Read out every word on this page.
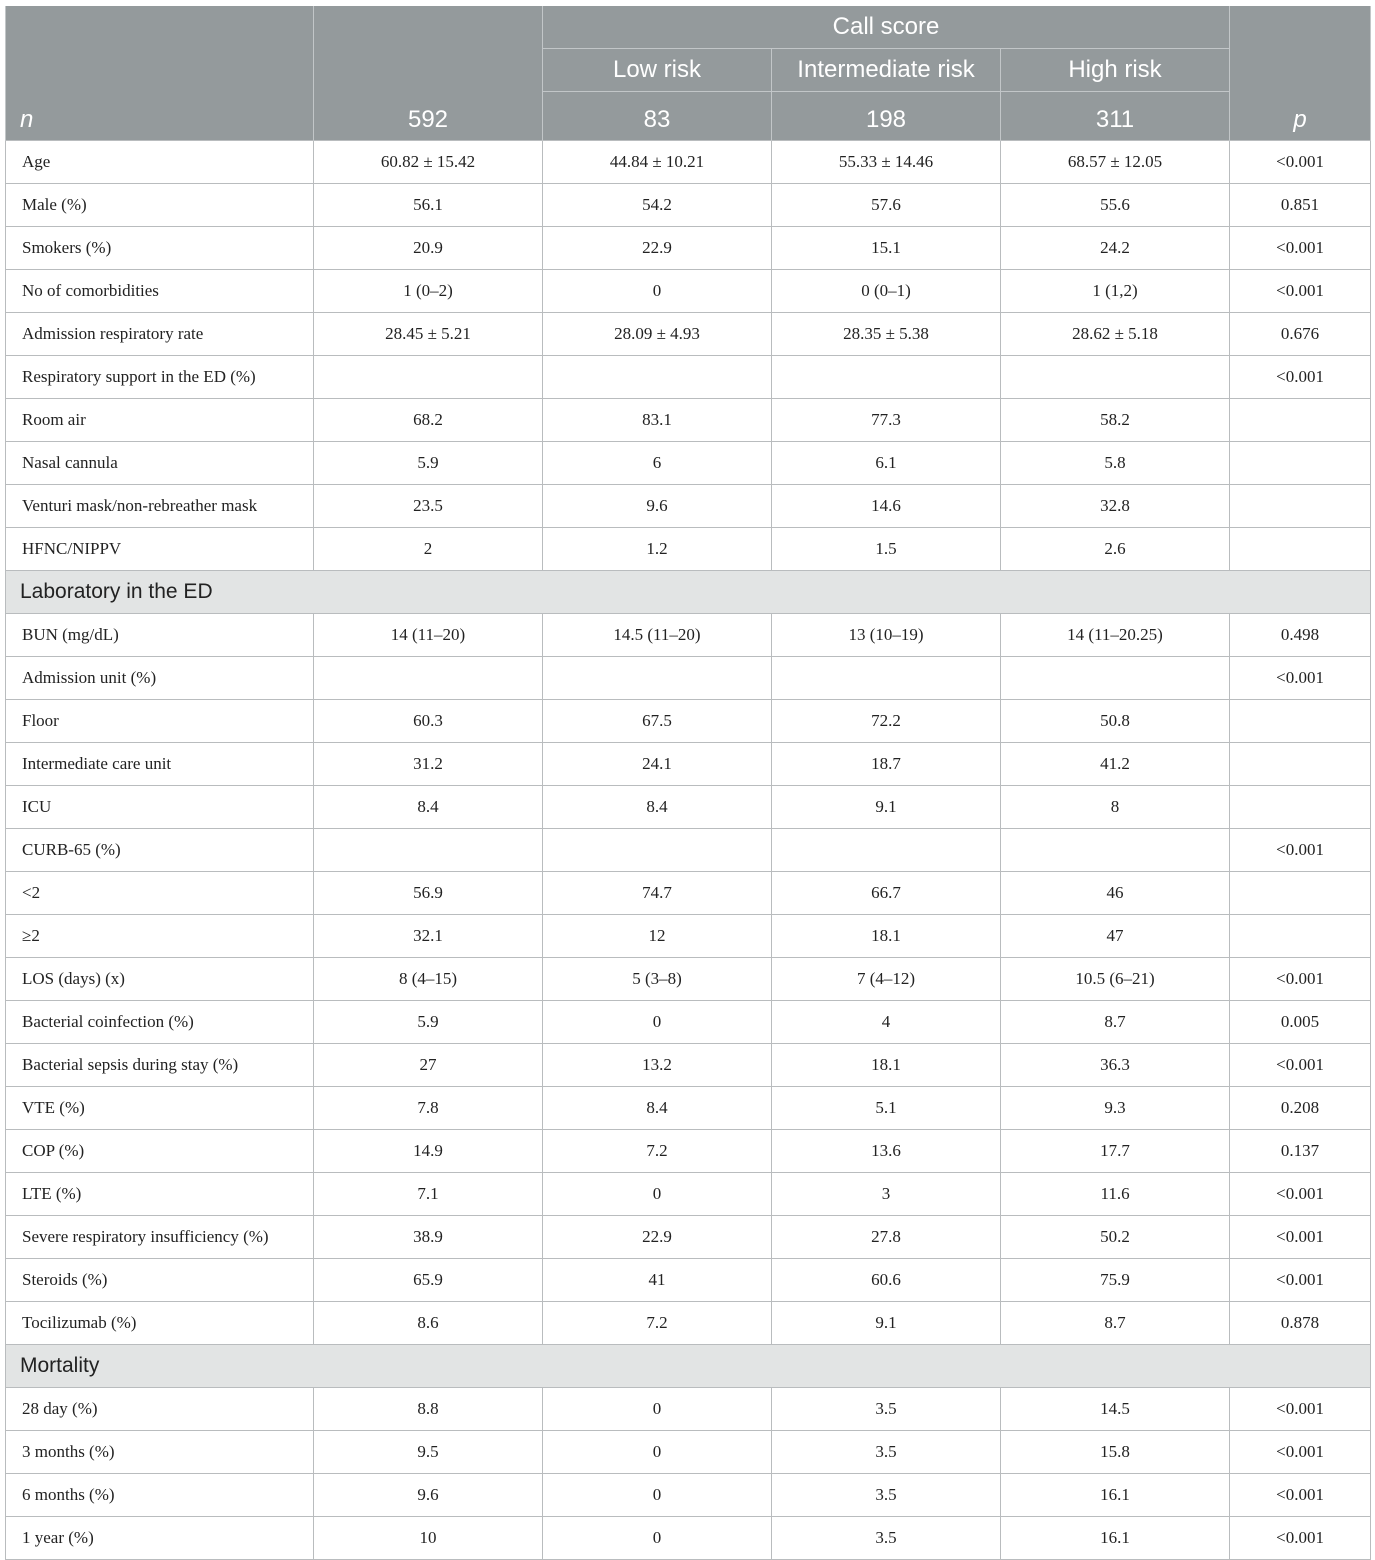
n	592	Call score			p
		Low risk	Intermediate risk	High risk	
		83	198	311	
Age	60.82 ± 15.42	44.84 ± 10.21	55.33 ± 14.46	68.57 ± 12.05	<0.001
Male (%)	56.1	54.2	57.6	55.6	0.851
Smokers (%)	20.9	22.9	15.1	24.2	<0.001
No of comorbidities	1 (0–2)	0	0 (0–1)	1 (1,2)	<0.001
Admission respiratory rate	28.45 ± 5.21	28.09 ± 4.93	28.35 ± 5.38	28.62 ± 5.18	0.676
Respiratory support in the ED (%)					<0.001
Room air	68.2	83.1	77.3	58.2	
Nasal cannula	5.9	6	6.1	5.8	
Venturi mask/non-rebreather mask	23.5	9.6	14.6	32.8	
HFNC/NIPPV	2	1.2	1.5	2.6	
Laboratory in the ED					
BUN (mg/dL)	14 (11–20)	14.5 (11–20)	13 (10–19)	14 (11–20.25)	0.498
Admission unit (%)					<0.001
Floor	60.3	67.5	72.2	50.8	
Intermediate care unit	31.2	24.1	18.7	41.2	
ICU	8.4	8.4	9.1	8	
CURB-65 (%)					<0.001
<2	56.9	74.7	66.7	46	
≥2	32.1	12	18.1	47	
LOS (days) (x)	8 (4–15)	5 (3–8)	7 (4–12)	10.5 (6–21)	<0.001
Bacterial coinfection (%)	5.9	0	4	8.7	0.005
Bacterial sepsis during stay (%)	27	13.2	18.1	36.3	<0.001
VTE (%)	7.8	8.4	5.1	9.3	0.208
COP (%)	14.9	7.2	13.6	17.7	0.137
LTE (%)	7.1	0	3	11.6	<0.001
Severe respiratory insufficiency (%)	38.9	22.9	27.8	50.2	<0.001
Steroids (%)	65.9	41	60.6	75.9	<0.001
Tocilizumab (%)	8.6	7.2	9.1	8.7	0.878
Mortality					
28 day (%)	8.8	0	3.5	14.5	<0.001
3 months (%)	9.5	0	3.5	15.8	<0.001
6 months (%)	9.6	0	3.5	16.1	<0.001
1 year (%)	10	0	3.5	16.1	<0.001
